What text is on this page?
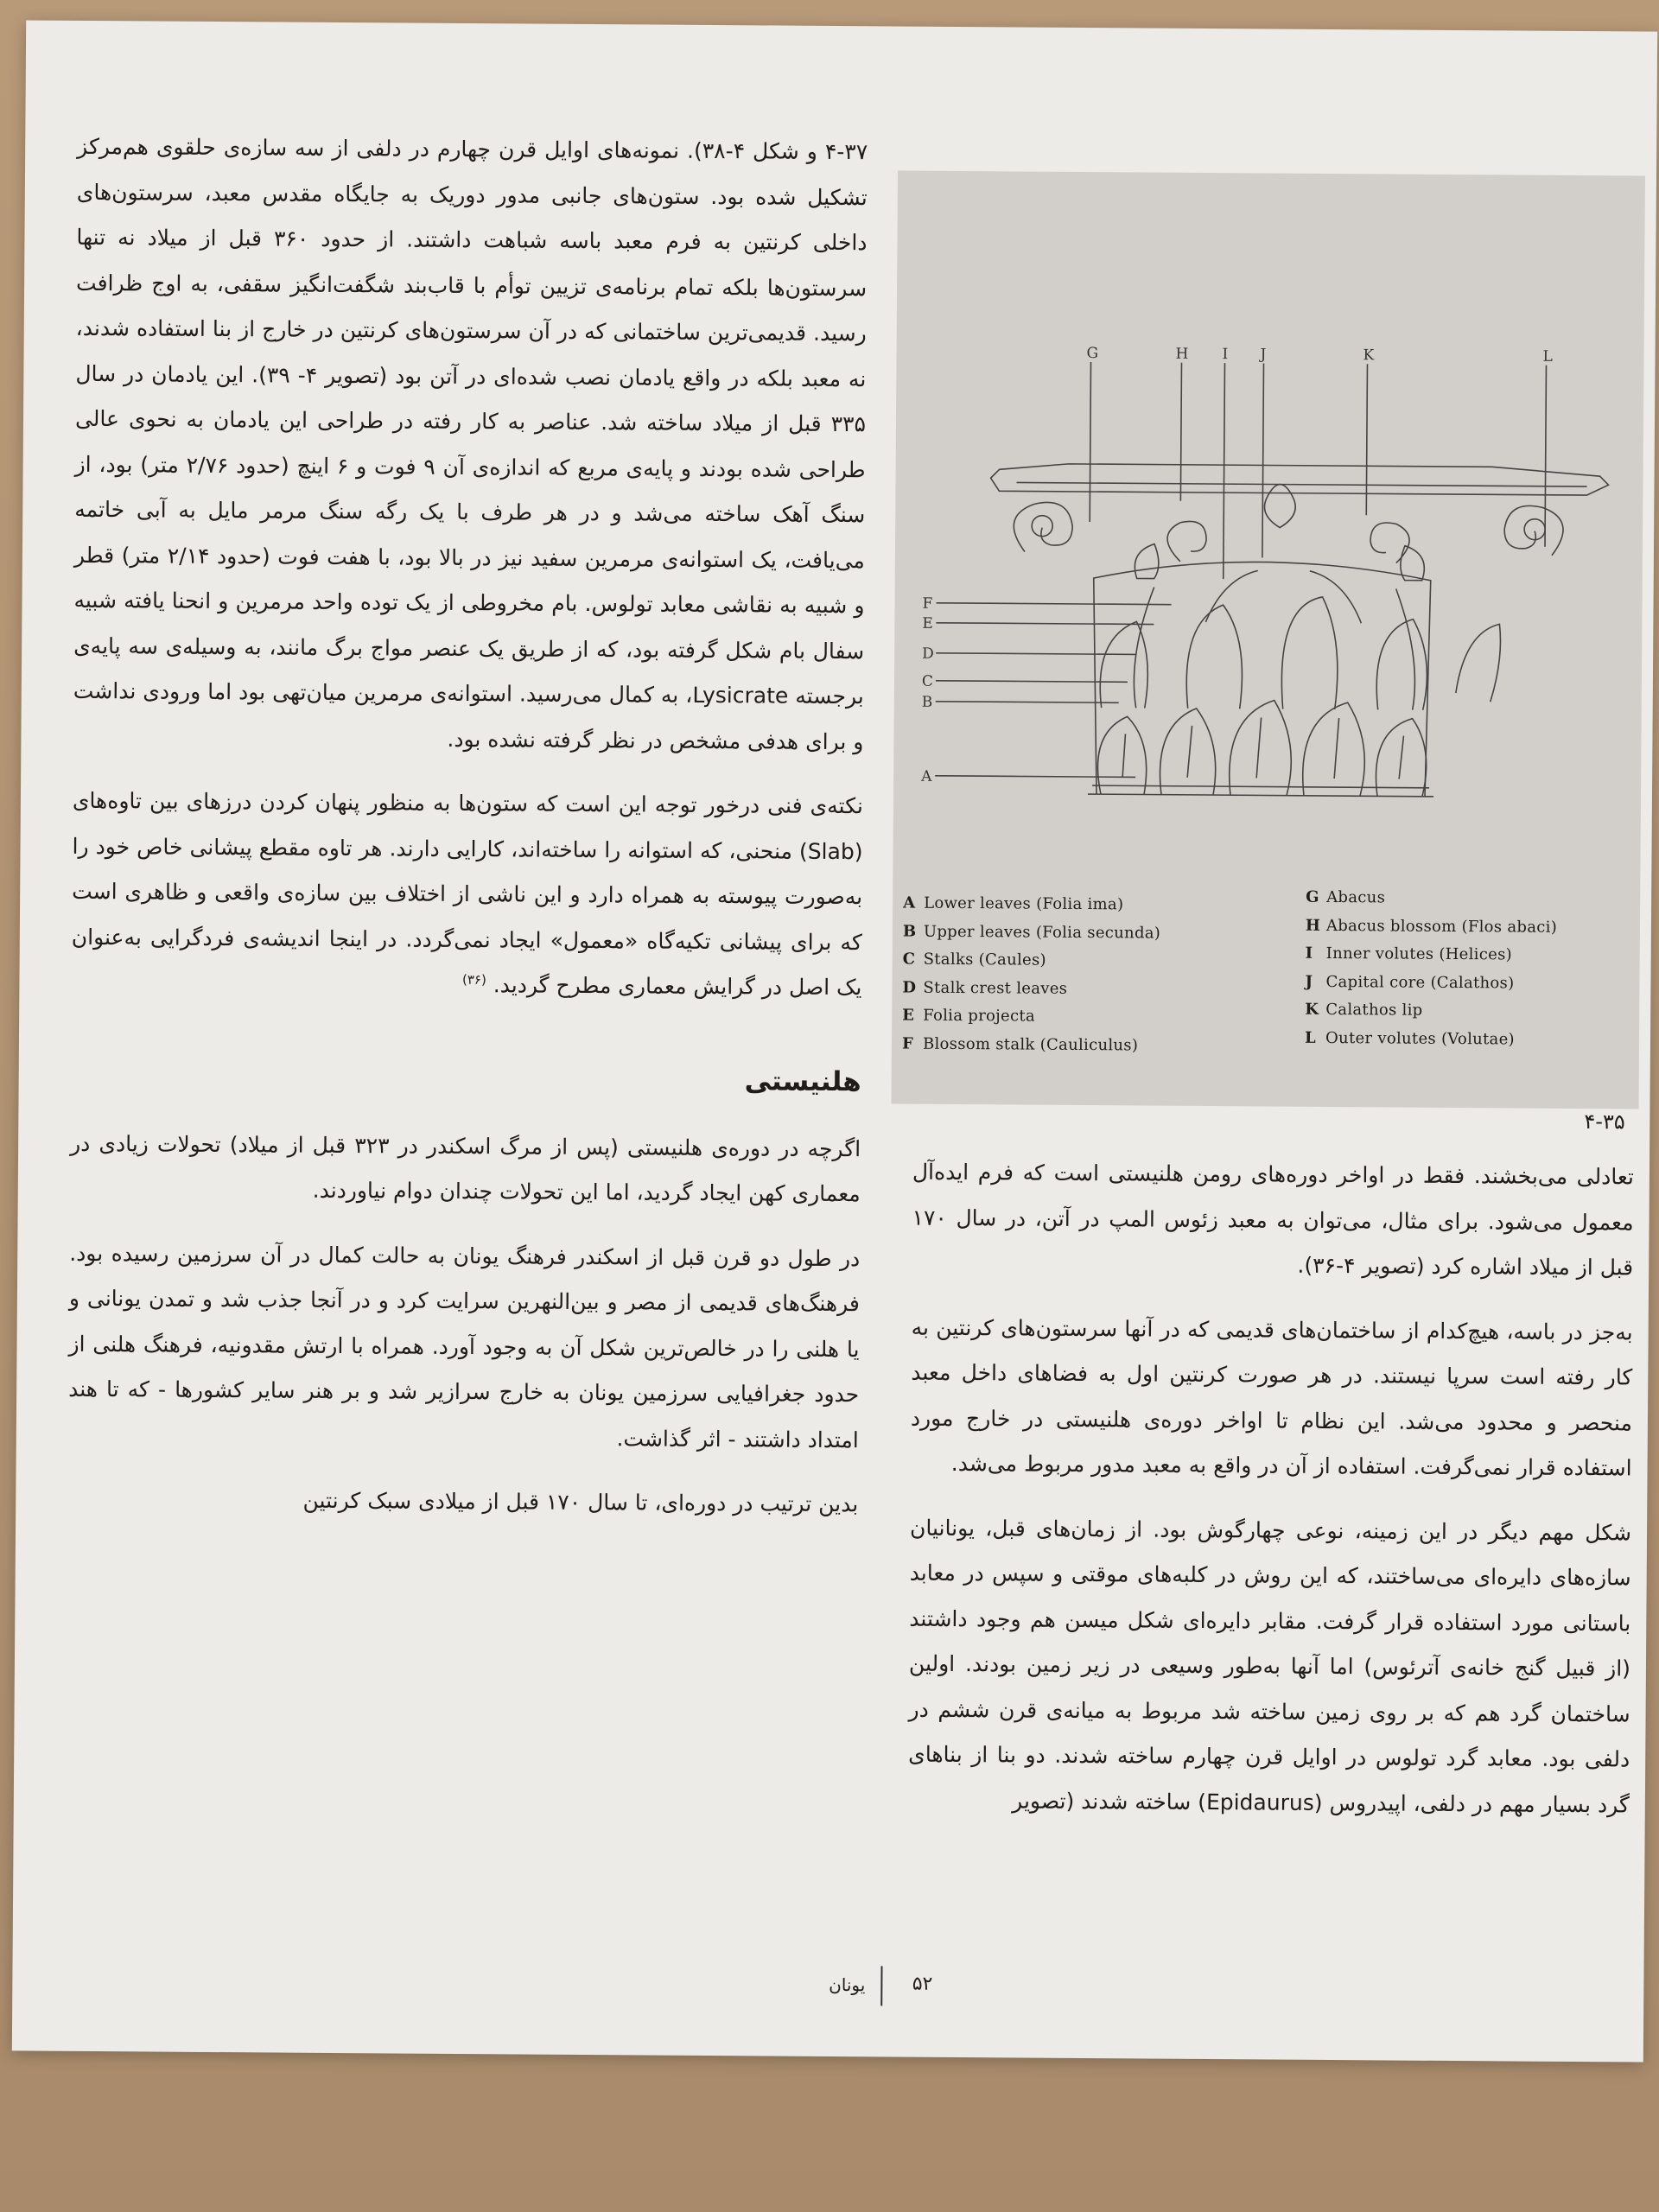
۴-۳۷ و شکل ۴-۳۸). نمونه‌های اوایل قرن چهارم در دلفی از سه سازه‌ی حلقوی هم‌مرکز تشکیل شده بود. ستون‌های جانبی مدور دوریک به جایگاه مقدس معبد، سرستون‌های داخلی کرنتین به فرم معبد باسه شباهت داشتند. از حدود ۳۶۰ قبل از میلاد نه تنها سرستون‌ها بلکه تمام برنامه‌ی تزیین توأم با قاب‌بند شگفت‌انگیز سقفی، به اوج ظرافت رسید. قدیمی‌ترین ساختمانی که در آن سرستون‌های کرنتین در خارج از بنا استفاده شدند، نه معبد بلکه در واقع یادمان نصب شده‌ای در آتن بود (تصویر ۴- ۳۹). این یادمان در سال ۳۳۵ قبل از میلاد ساخته شد. عناصر به کار رفته در طراحی این یادمان به نحوی عالی طراحی شده بودند و پایه‌ی مربع که اندازه‌ی آن ۹ فوت و ۶ اینچ (حدود ۲/۷۶ متر) بود، از سنگ آهک ساخته می‌شد و در هر طرف با یک رگه سنگ مرمر مایل به آبی خاتمه می‌یافت، یک استوانه‌ی مرمرین سفید نیز در بالا بود، با هفت فوت (حدود ۲/۱۴ متر) قطر و شبیه به نقاشی معابد تولوس. بام مخروطی از یک توده واحد مرمرین و انحنا یافته شبیه سفال بام شکل گرفته بود، که از طریق یک عنصر مواج برگ مانند، به وسیله‌ی سه پایه‌ی برجسته Lysicrate، به کمال می‌رسید. استوانه‌ی مرمرین میان‌تهی بود اما ورودی نداشت و برای هدفی مشخص در نظر گرفته نشده بود.

نکته‌ی فنی درخور توجه این است که ستون‌ها به منظور پنهان کردن درزهای بین تاوه‌های (Slab) منحنی، که استوانه را ساخته‌اند، کارایی دارند. هر تاوه مقطع پیشانی خاص خود را به‌صورت پیوسته به همراه دارد و این ناشی از اختلاف بین سازه‌ی واقعی و ظاهری است که برای پیشانی تکیه‌گاه «معمول» ایجاد نمی‌گردد. در اینجا اندیشه‌ی فردگرایی به‌عنوان یک اصل در گرایش معماری مطرح گردید. $^{(۳۶)}$

هلنیستی

اگرچه در دوره‌ی هلنیستی (پس از مرگ اسکندر در ۳۲۳ قبل از میلاد) تحولات زیادی در معماری کهن ایجاد گردید، اما این تحولات چندان دوام نیاوردند.

در طول دو قرن قبل از اسکندر فرهنگ یونان به حالت کمال در آن سرزمین رسیده بود. فرهنگ‌های قدیمی از مصر و بین‌النهرین سرایت کرد و در آنجا جذب شد و تمدن یونانی و یا هلنی را در خالص‌ترین شکل آن به وجود آورد. همراه با ارتش مقدونیه، فرهنگ هلنی از حدود جغرافیایی سرزمین یونان به خارج سرازیر شد و بر هنر سایر کشورها - که تا هند امتداد داشتند - اثر گذاشت.

بدین ترتیب در دوره‌ای، تا سال ۱۷۰ قبل از میلادی سبک کرنتین

G	H I J	K	L
F
E
D
C
B
A
A Lower leaves (Folia ima)
B Upper leaves (Folia secunda)
C Stalks (Caules)
D Stalk crest leaves
E Folia projecta
F Blossom stalk (Cauliculus)
G Abacus
H Abacus blossom (Flos abaci)
I Inner volutes (Helices)
J Capital core (Calathos)
K Calathos lip
L Outer volutes (Volutae)
۴-۳۵

تعادلی می‌بخشند. فقط در اواخر دوره‌های رومن هلنیستی است که فرم ایده‌آل معمول می‌شود. برای مثال، می‌توان به معبد زئوس المپ در آتن، در سال ۱۷۰ قبل از میلاد اشاره کرد (تصویر ۴-۳۶).

به‌جز در باسه، هیچ‌کدام از ساختمان‌های قدیمی که در آنها سرستون‌های کرنتین به کار رفته است سرپا نیستند. در هر صورت کرنتین اول به فضاهای داخل معبد منحصر و محدود می‌شد. این نظام تا اواخر دوره‌ی هلنیستی در خارج مورد استفاده قرار نمی‌گرفت. استفاده از آن در واقع به معبد مدور مربوط می‌شد.

شکل مهم دیگر در این زمینه، نوعی چهارگوش بود. از زمان‌های قبل، یونانیان سازه‌های دایره‌ای می‌ساختند، که این روش در کلبه‌های موقتی و سپس در معابد باستانی مورد استفاده قرار گرفت. مقابر دایره‌ای شکل میسن هم وجود داشتند (از قبیل گنج خانه‌ی آترئوس) اما آنها به‌طور وسیعی در زیر زمین بودند. اولین ساختمان گرد هم که بر روی زمین ساخته شد مربوط به میانه‌ی قرن ششم در دلفی بود. معابد گرد تولوس در اوایل قرن چهارم ساخته شدند. دو بنا از بناهای گرد بسیار مهم در دلفی، اپیدروس (Epidaurus) ساخته شدند (تصویر

۵۲
یونان
